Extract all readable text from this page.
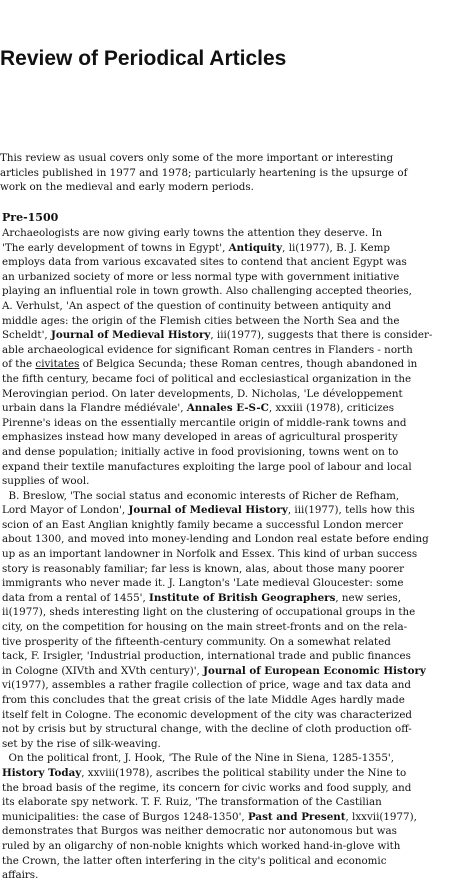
Review of Periodical Articles
This review as usual covers only some of the more important or interesting
articles published in 1977 and 1978; particularly heartening is the upsurge of
work on the medieval and early modern periods.
Pre-1500
Archaeologists are now giving early towns the attention they deserve. In
'The early development of towns in Egypt', Antiquity, li(1977), B. J. Kemp
employs data from various excavated sites to contend that ancient Egypt was
an urbanized society of more or less normal type with government initiative
playing an influential role in town growth. Also challenging accepted theories,
A. Verhulst, 'An aspect of the question of continuity between antiquity and
middle ages: the origin of the Flemish cities between the North Sea and the
Scheldt', Journal of Medieval History, iii(1977), suggests that there is consider-
able archaeological evidence for significant Roman centres in Flanders - north
of the civitates of Belgica Secunda; these Roman centres, though abandoned in
the fifth century, became foci of political and ecclesiastical organization in the
Merovingian period. On later developments, D. Nicholas, 'Le développement
urbain dans la Flandre médiévale', Annales E-S-C, xxxiii (1978), criticizes
Pirenne's ideas on the essentially mercantile origin of middle-rank towns and
emphasizes instead how many developed in areas of agricultural prosperity
and dense population; initially active in food provisioning, towns went on to
expand their textile manufactures exploiting the large pool of labour and local
supplies of wool.
B. Breslow, 'The social status and economic interests of Richer de Refham,
Lord Mayor of London', Journal of Medieval History, iii(1977), tells how this
scion of an East Anglian knightly family became a successful London mercer
about 1300, and moved into money-lending and London real estate before ending
up as an important landowner in Norfolk and Essex. This kind of urban success
story is reasonably familiar; far less is known, alas, about those many poorer
immigrants who never made it. J. Langton's 'Late medieval Gloucester: some
data from a rental of 1455', Institute of British Geographers, new series,
ii(1977), sheds interesting light on the clustering of occupational groups in the
city, on the competition for housing on the main street-fronts and on the rela-
tive prosperity of the fifteenth-century community. On a somewhat related
tack, F. Irsigler, 'Industrial production, international trade and public finances
in Cologne (XIVth and XVth century)', Journal of European Economic History
vi(1977), assembles a rather fragile collection of price, wage and tax data and
from this concludes that the great crisis of the late Middle Ages hardly made
itself felt in Cologne. The economic development of the city was characterized
not by crisis but by structural change, with the decline of cloth production off-
set by the rise of silk-weaving.
On the political front, J. Hook, 'The Rule of the Nine in Siena, 1285-1355',
History Today, xxviii(1978), ascribes the political stability under the Nine to
the broad basis of the regime, its concern for civic works and food supply, and
its elaborate spy network. T. F. Ruiz, 'The transformation of the Castilian
municipalities: the case of Burgos 1248-1350', Past and Present, lxxvii(1977),
demonstrates that Burgos was neither democratic nor autonomous but was
ruled by an oligarchy of non-noble knights which worked hand-in-glove with
the Crown, the latter often interfering in the city's political and economic
affairs.
